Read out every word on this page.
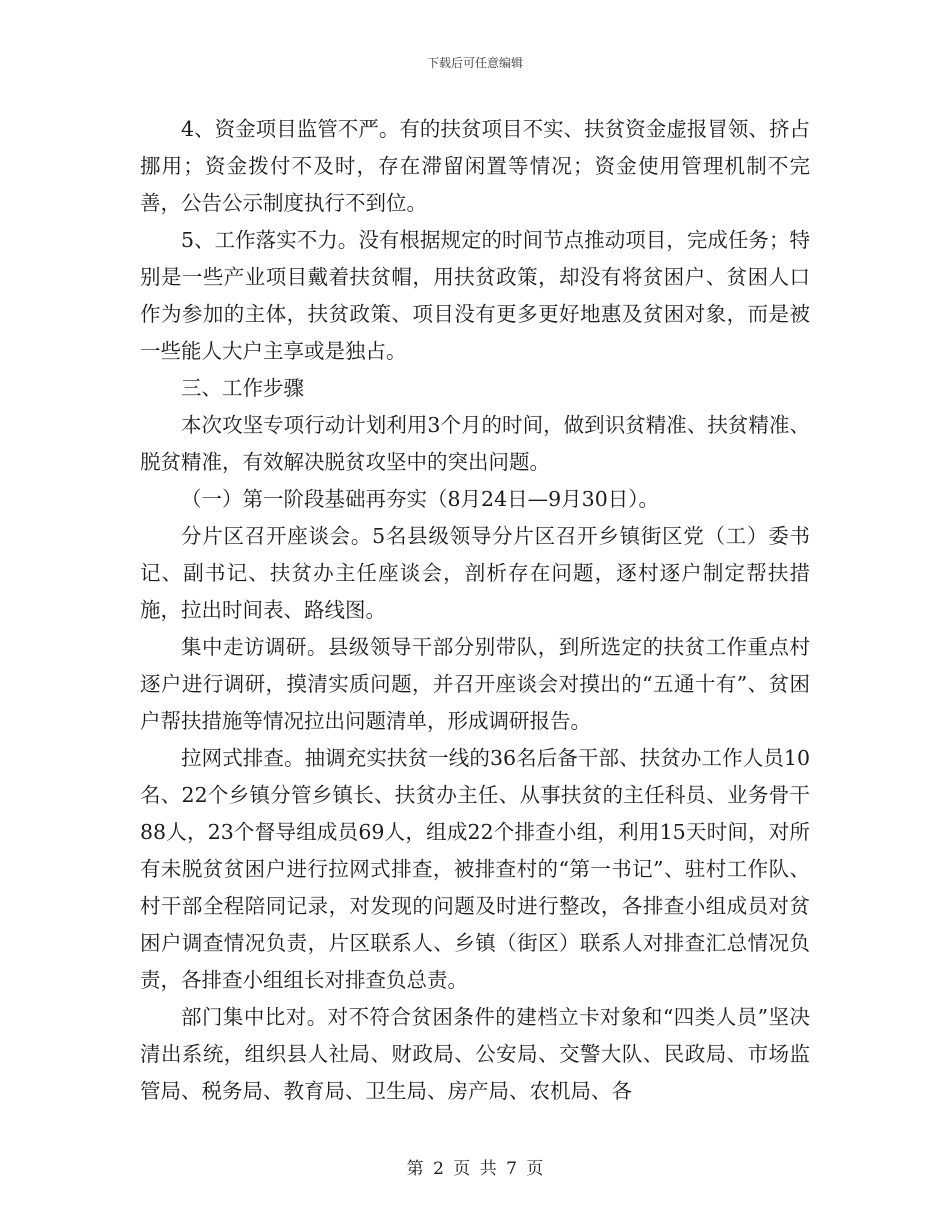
下载后可任意编辑

4、资金项目监管不严。有的扶贫项目不实、扶贫资金虚报冒领、挤占挪用；资金拨付不及时，存在滞留闲置等情况；资金使用管理机制不完善，公告公示制度执行不到位。

5、工作落实不力。没有根据规定的时间节点推动项目，完成任务；特别是一些产业项目戴着扶贫帽，用扶贫政策，却没有将贫困户、贫困人口作为参加的主体，扶贫政策、项目没有更多更好地惠及贫困对象，而是被一些能人大户主享或是独占。

三、工作步骤

本次攻坚专项行动计划利用3个月的时间，做到识贫精准、扶贫精准、脱贫精准，有效解决脱贫攻坚中的突出问题。

（一）第一阶段基础再夯实（8月24日—9月30日）。

分片区召开座谈会。5名县级领导分片区召开乡镇街区党（工）委书记、副书记、扶贫办主任座谈会，剖析存在问题，逐村逐户制定帮扶措施，拉出时间表、路线图。

集中走访调研。县级领导干部分别带队，到所选定的扶贫工作重点村逐户进行调研，摸清实质问题，并召开座谈会对摸出的“五通十有”、贫困户帮扶措施等情况拉出问题清单，形成调研报告。

拉网式排查。抽调充实扶贫一线的36名后备干部、扶贫办工作人员10名、22个乡镇分管乡镇长、扶贫办主任、从事扶贫的主任科员、业务骨干88人，23个督导组成员69人，组成22个排查小组，利用15天时间，对所有未脱贫贫困户进行拉网式排查，被排查村的“第一书记”、驻村工作队、村干部全程陪同记录，对发现的问题及时进行整改，各排查小组成员对贫困户调查情况负责，片区联系人、乡镇（街区）联系人对排查汇总情况负责，各排查小组组长对排查负总责。

部门集中比对。对不符合贫困条件的建档立卡对象和“四类人员”坚决清出系统，组织县人社局、财政局、公安局、交警大队、民政局、市场监管局、税务局、教育局、卫生局、房产局、农机局、各

第 2 页 共 7 页
